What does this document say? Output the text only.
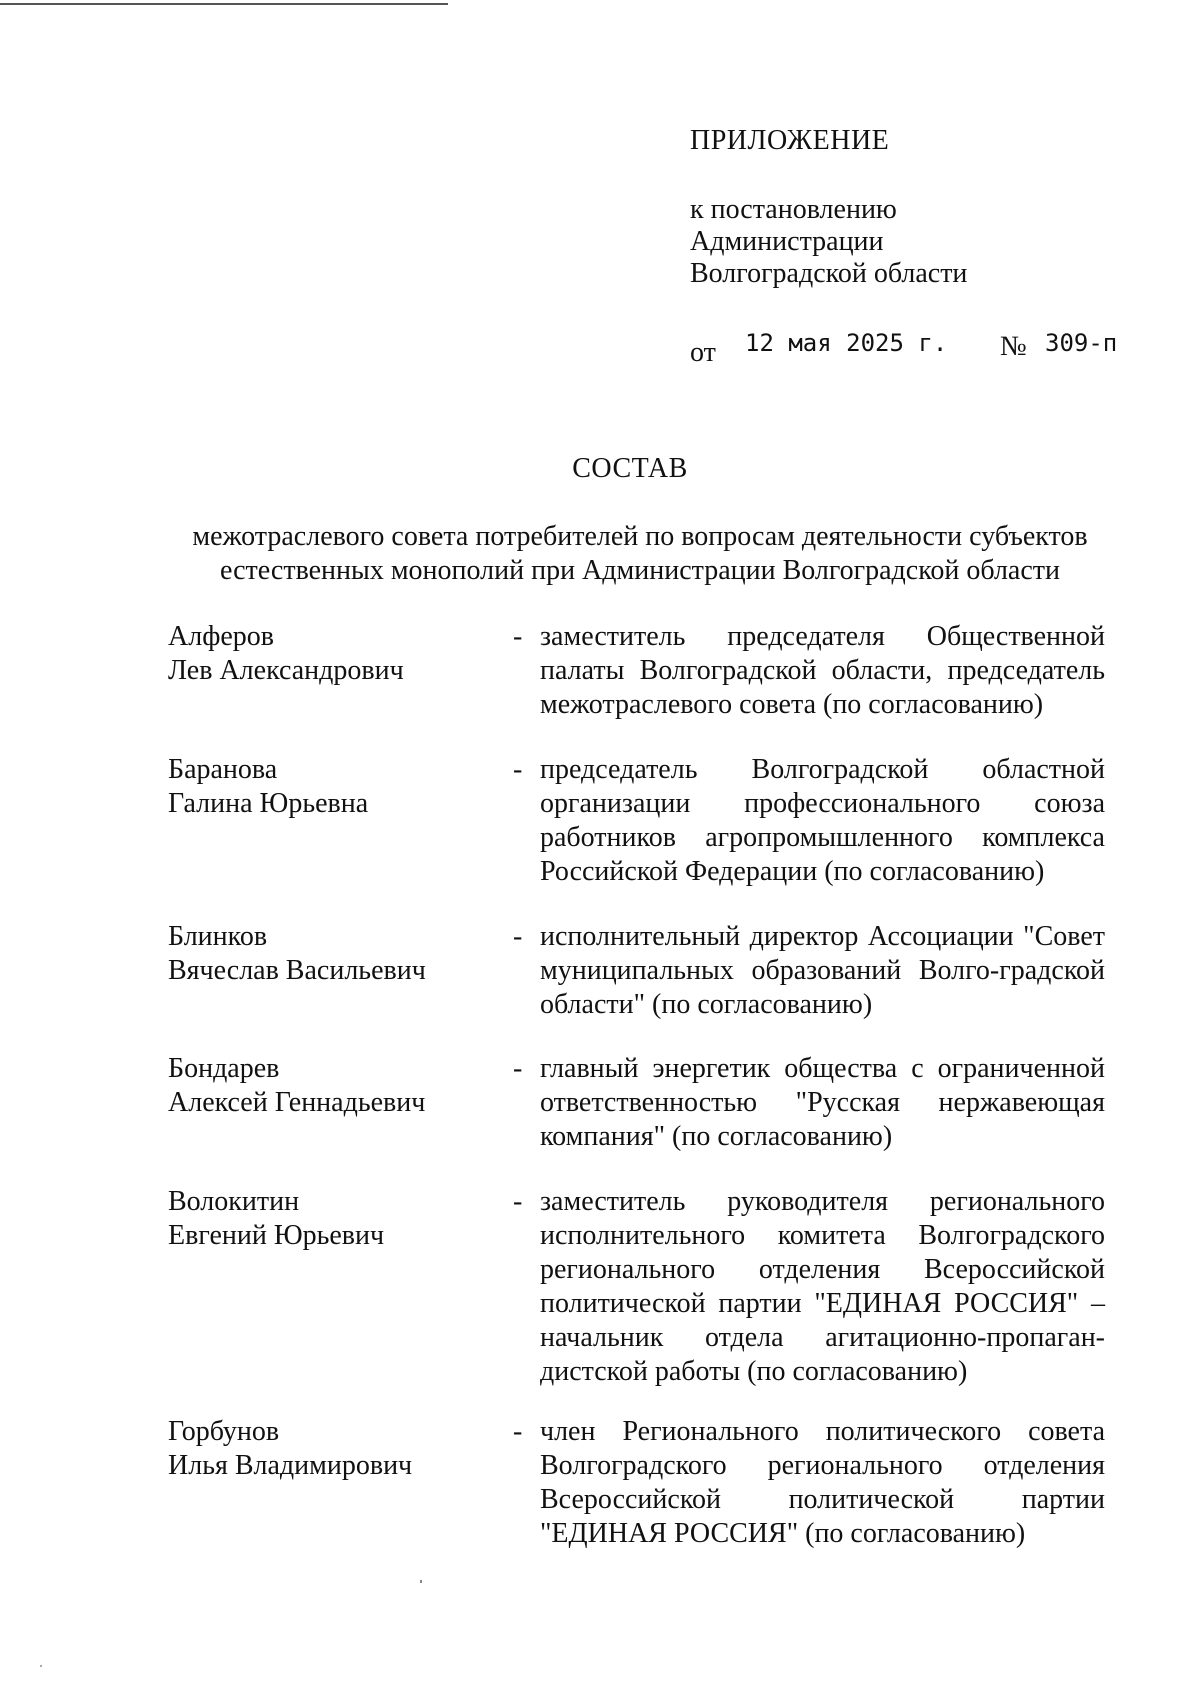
ПРИЛОЖЕНИЕ
к постановлению
Администрации
Волгоградской области
от 12 мая 2025 г. № 309-п
СОСТАВ
межотраслевого совета потребителей по вопросам деятельности субъектов
естественных монополий при Администрации Волгоградской области
Алферов
Лев Александрович
- заместитель председателя Общественной палаты Волгоградской области, председатель межотраслевого совета (по согласованию)
Баранова
Галина Юрьевна
- председатель Волгоградской областной организации профессионального союза работников агропромышленного комплекса Российской Федерации (по согласованию)
Блинков
Вячеслав Васильевич
- исполнительный директор Ассоциации "Совет муниципальных образований Волго-градской области" (по согласованию)
Бондарев
Алексей Геннадьевич
- главный энергетик общества с ограниченной ответственностью "Русская нержавеющая компания" (по согласованию)
Волокитин
Евгений Юрьевич
- заместитель руководителя регионального исполнительного комитета Волгоградского регионального отделения Всероссийской политической партии "ЕДИНАЯ РОССИЯ" – начальник отдела агитационно-пропаган-дистской работы (по согласованию)
Горбунов
Илья Владимирович
- член Регионального политического совета Волгоградского регионального отделения Всероссийской политической партии "ЕДИНАЯ РОССИЯ" (по согласованию)
